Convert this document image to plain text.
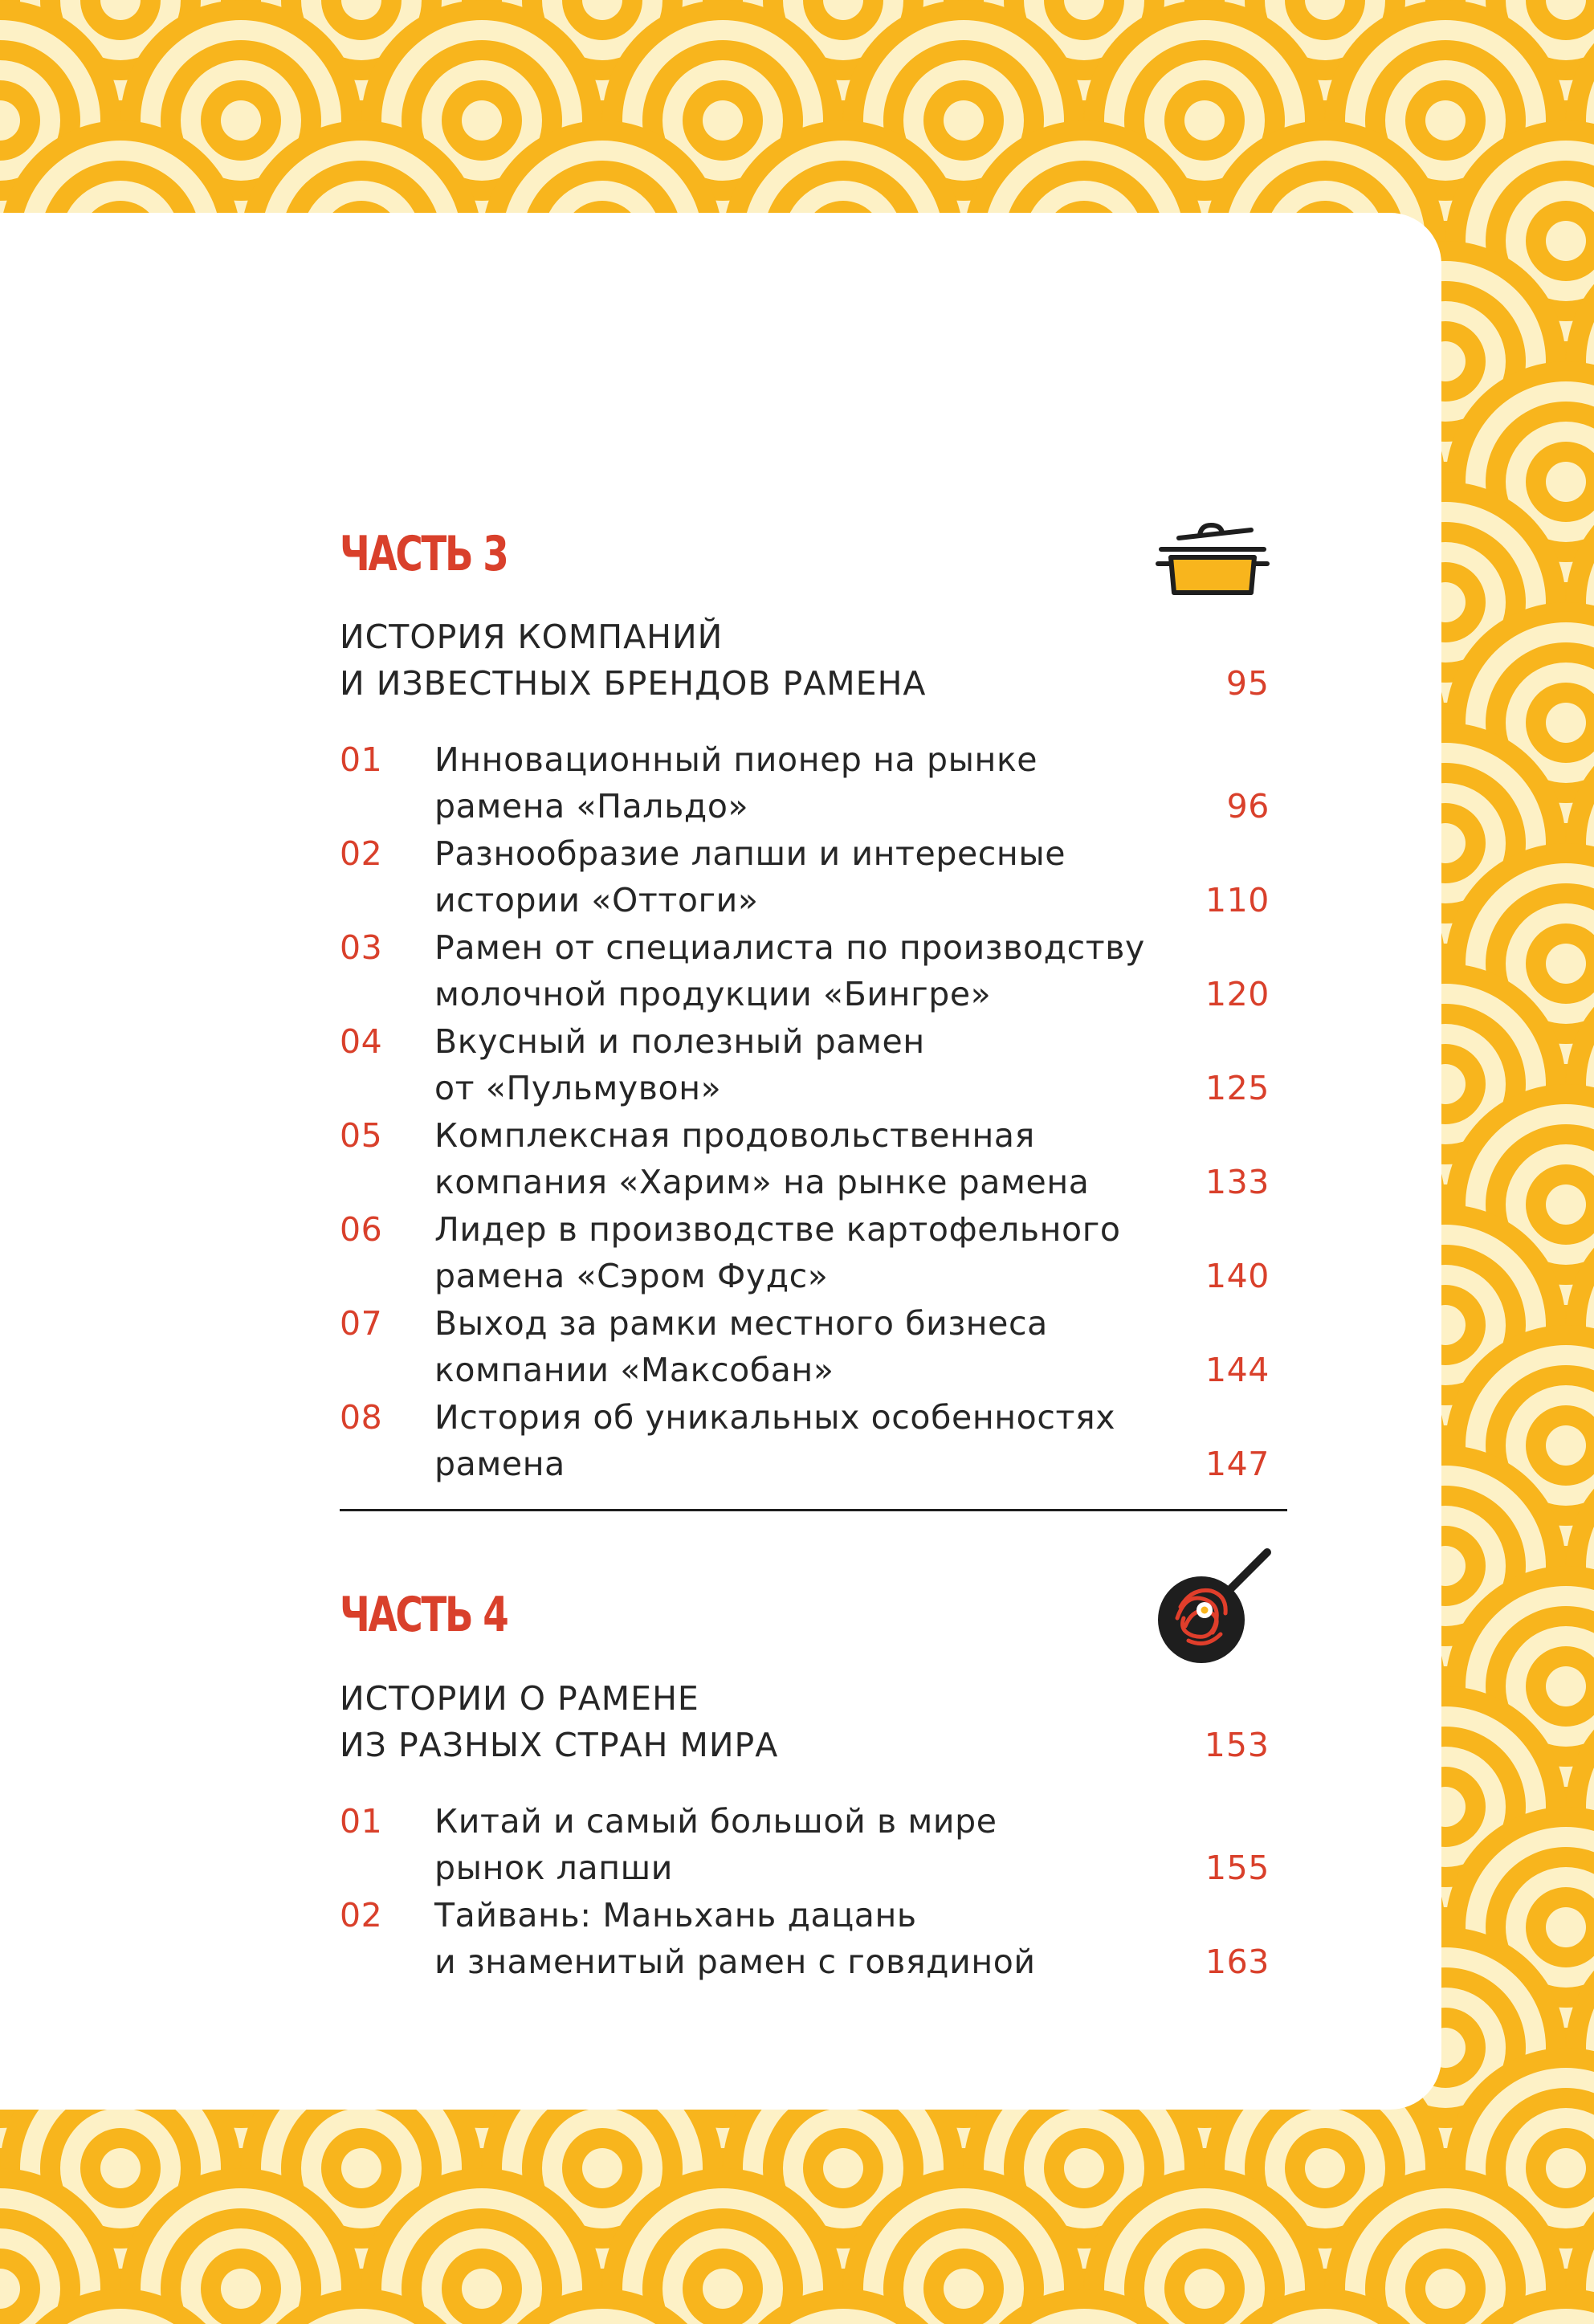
ЧАСТЬ 3

ИСТОРИЯ КОМПАНИЙ
И ИЗВЕСТНЫХ БРЕНДОВ РАМЕНА	95

01 Инновационный пионер на рынке
рамена «Пальдо»	96
02 Разнообразие лапши и интересные
истории «Оттоги»	110
03 Рамен от специалиста по производству
молочной продукции «Бингре»	120
04 Вкусный и полезный рамен
от «Пульмувон»	125
05 Комплексная продовольственная
компания «Харим» на рынке рамена	133
06 Лидер в производстве картофельного
рамена «Сэром Фудс»	140
07 Выход за рамки местного бизнеса
компании «Максобан»	144
08 История об уникальных особенностях
рамена	147
ЧАСТЬ 4

ИСТОРИИ О РАМЕНЕ
ИЗ РАЗНЫХ СТРАН МИРА	153

01 Китай и самый большой в мире
рынок лапши	155
02 Тайвань: Маньхань дацань
и знаменитый рамен с говядиной	163
